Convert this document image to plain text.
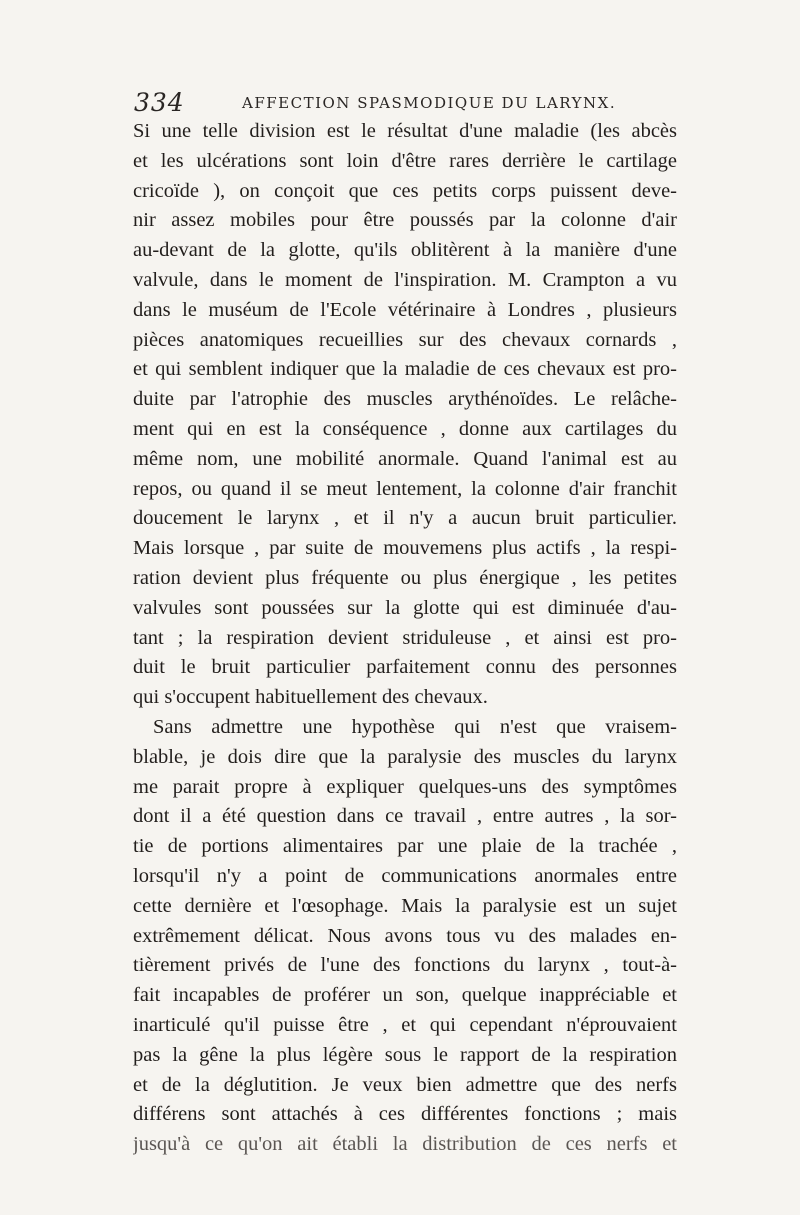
334	AFFECTION SPASMODIQUE DU LARYNX.
Si une telle division est le résultat d'une maladie (les abcès
et les ulcérations sont loin d'être rares derrière le cartilage
cricoïde ), on conçoit que ces petits corps puissent deve-
nir assez mobiles pour être poussés par la colonne d'air
au-devant de la glotte, qu'ils oblitèrent à la manière d'une
valvule, dans le moment de l'inspiration. M. Crampton a vu
dans le muséum de l'Ecole vétérinaire à Londres , plusieurs
pièces anatomiques recueillies sur des chevaux cornards ,
et qui semblent indiquer que la maladie de ces chevaux est pro-
duite par l'atrophie des muscles arythénoïdes. Le relâche-
ment qui en est la conséquence , donne aux cartilages du
même nom, une mobilité anormale. Quand l'animal est au
repos, ou quand il se meut lentement, la colonne d'air franchit
doucement le larynx , et il n'y a aucun bruit particulier.
Mais lorsque , par suite de mouvemens plus actifs , la respi-
ration devient plus fréquente ou plus énergique , les petites
valvules sont poussées sur la glotte qui est diminuée d'au-
tant ; la respiration devient striduleuse , et ainsi est pro-
duit le bruit particulier parfaitement connu des personnes
qui s'occupent habituellement des chevaux.
Sans admettre une hypothèse qui n'est que vraisem-
blable, je dois dire que la paralysie des muscles du larynx
me parait propre à expliquer quelques-uns des symptômes
dont il a été question dans ce travail , entre autres , la sor-
tie de portions alimentaires par une plaie de la trachée ,
lorsqu'il n'y a point de communications anormales entre
cette dernière et l'œsophage. Mais la paralysie est un sujet
extrêmement délicat. Nous avons tous vu des malades en-
tièrement privés de l'une des fonctions du larynx , tout-à-
fait incapables de proférer un son, quelque inappréciable et
inarticulé qu'il puisse être , et qui cependant n'éprouvaient
pas la gêne la plus légère sous le rapport de la respiration
et de la déglutition. Je veux bien admettre que des nerfs
différens sont attachés à ces différentes fonctions ; mais
jusqu'à ce qu'on ait établi la distribution de ces nerfs et
